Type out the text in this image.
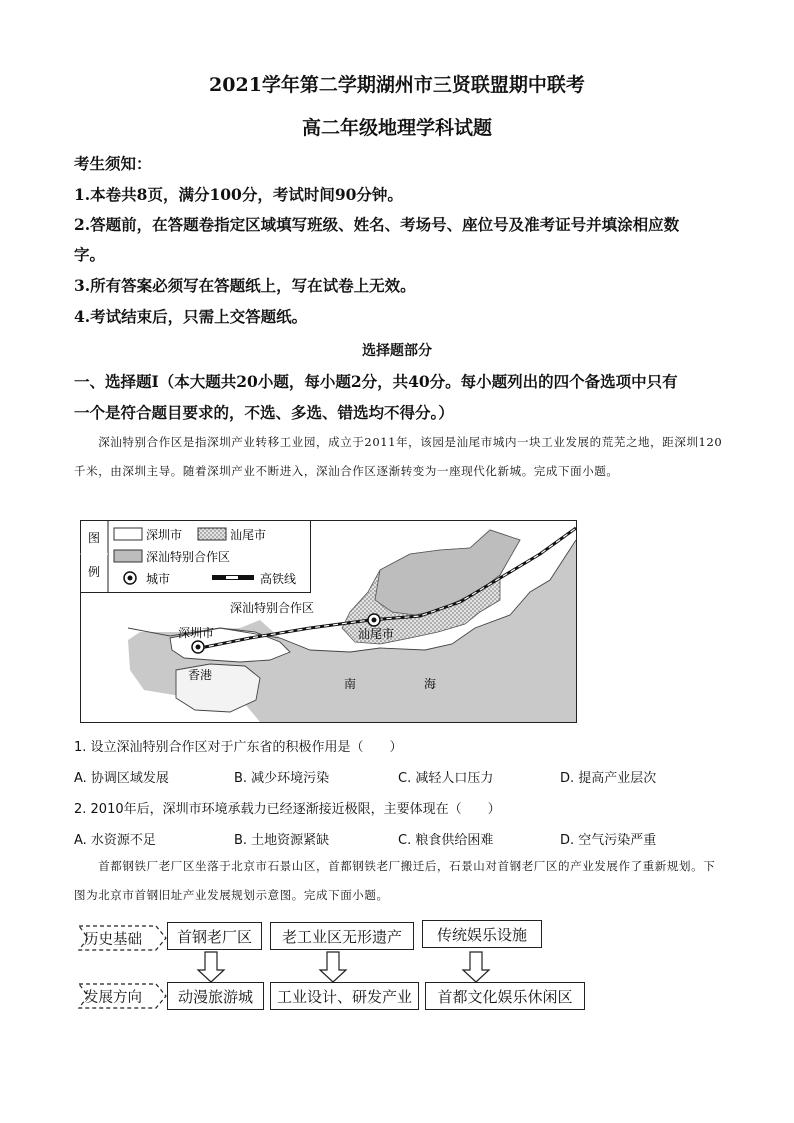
2021学年第二学期湖州市三贤联盟期中联考
高二年级地理学科试题
考生须知：
1.本卷共8页，满分100分，考试时间90分钟。
2.答题前，在答题卷指定区域填写班级、姓名、考场号、座位号及准考证号并填涂相应数
字。
3.所有答案必须写在答题纸上，写在试卷上无效。
4.考试结束后，只需上交答题纸。
选择题部分
一、选择题Ⅰ（本大题共20小题，每小题2分，共40分。每小题列出的四个备选项中只有
一个是符合题目要求的，不选、多选、错选均不得分。）
　　深汕特别合作区是指深圳产业转移工业园，成立于2011年，该园是汕尾市城内一块工业发展的荒芜之地，距深圳120千米，由深圳主导。随着深圳产业不断进入，深汕合作区逐渐转变为一座现代化新城。完成下面小题。
图
例
深圳市	汕尾市
深汕特别合作区
城市	高铁线
深汕特别合作区
深圳市	汕尾市
香港
南	海
1. 设立深汕特别合作区对于广东省的积极作用是（　　）
A. 协调区域发展	B. 减少环境污染	C. 减轻人口压力	D. 提高产业层次
2. 2010年后，深圳市环境承载力已经逐渐接近极限，主要体现在（　　）
A. 水资源不足	B. 土地资源紧缺	C. 粮食供给困难	D. 空气污染严重
　　首都钢铁厂老厂区坐落于北京市石景山区，首都钢铁老厂搬迁后，石景山对首钢老厂区的产业发展作了重新规划。下图为北京市首钢旧址产业发展规划示意图。完成下面小题。
历史基础
发展方向
首钢老厂区	老工业区无形遗产	传统娱乐设施
动漫旅游城	工业设计、研发产业	首都文化娱乐休闲区
